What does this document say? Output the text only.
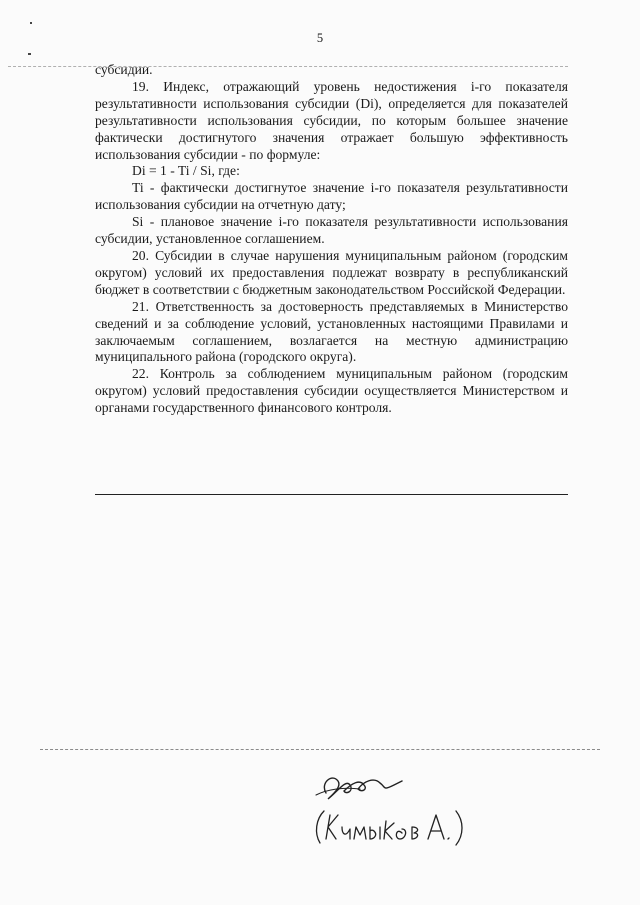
5

субсидии.

19. Индекс, отражающий уровень недостижения i-го показателя результативности использования субсидии (Di), определяется для показателей результативности использования субсидии, по которым большее значение фактически достигнутого значения отражает большую эффективность использования субсидии - по формуле:

Di = 1 - Ti / Si, где:

Ti - фактически достигнутое значение i-го показателя результативности использования субсидии на отчетную дату;

Si - плановое значение i-го показателя результативности использования субсидии, установленное соглашением.

20. Субсидии в случае нарушения муниципальным районом (городским округом) условий их предоставления подлежат возврату в республиканский бюджет в соответствии с бюджетным законодательством Российской Федерации.

21. Ответственность за достоверность представляемых в Министерство сведений и за соблюдение условий, установленных настоящими Правилами и заключаемым соглашением, возлагается на местную администрацию муниципального района (городского округа).

22. Контроль за соблюдением муниципальным районом (городским округом) условий предоставления субсидии осуществляется Министерством и органами государственного финансового контроля.
